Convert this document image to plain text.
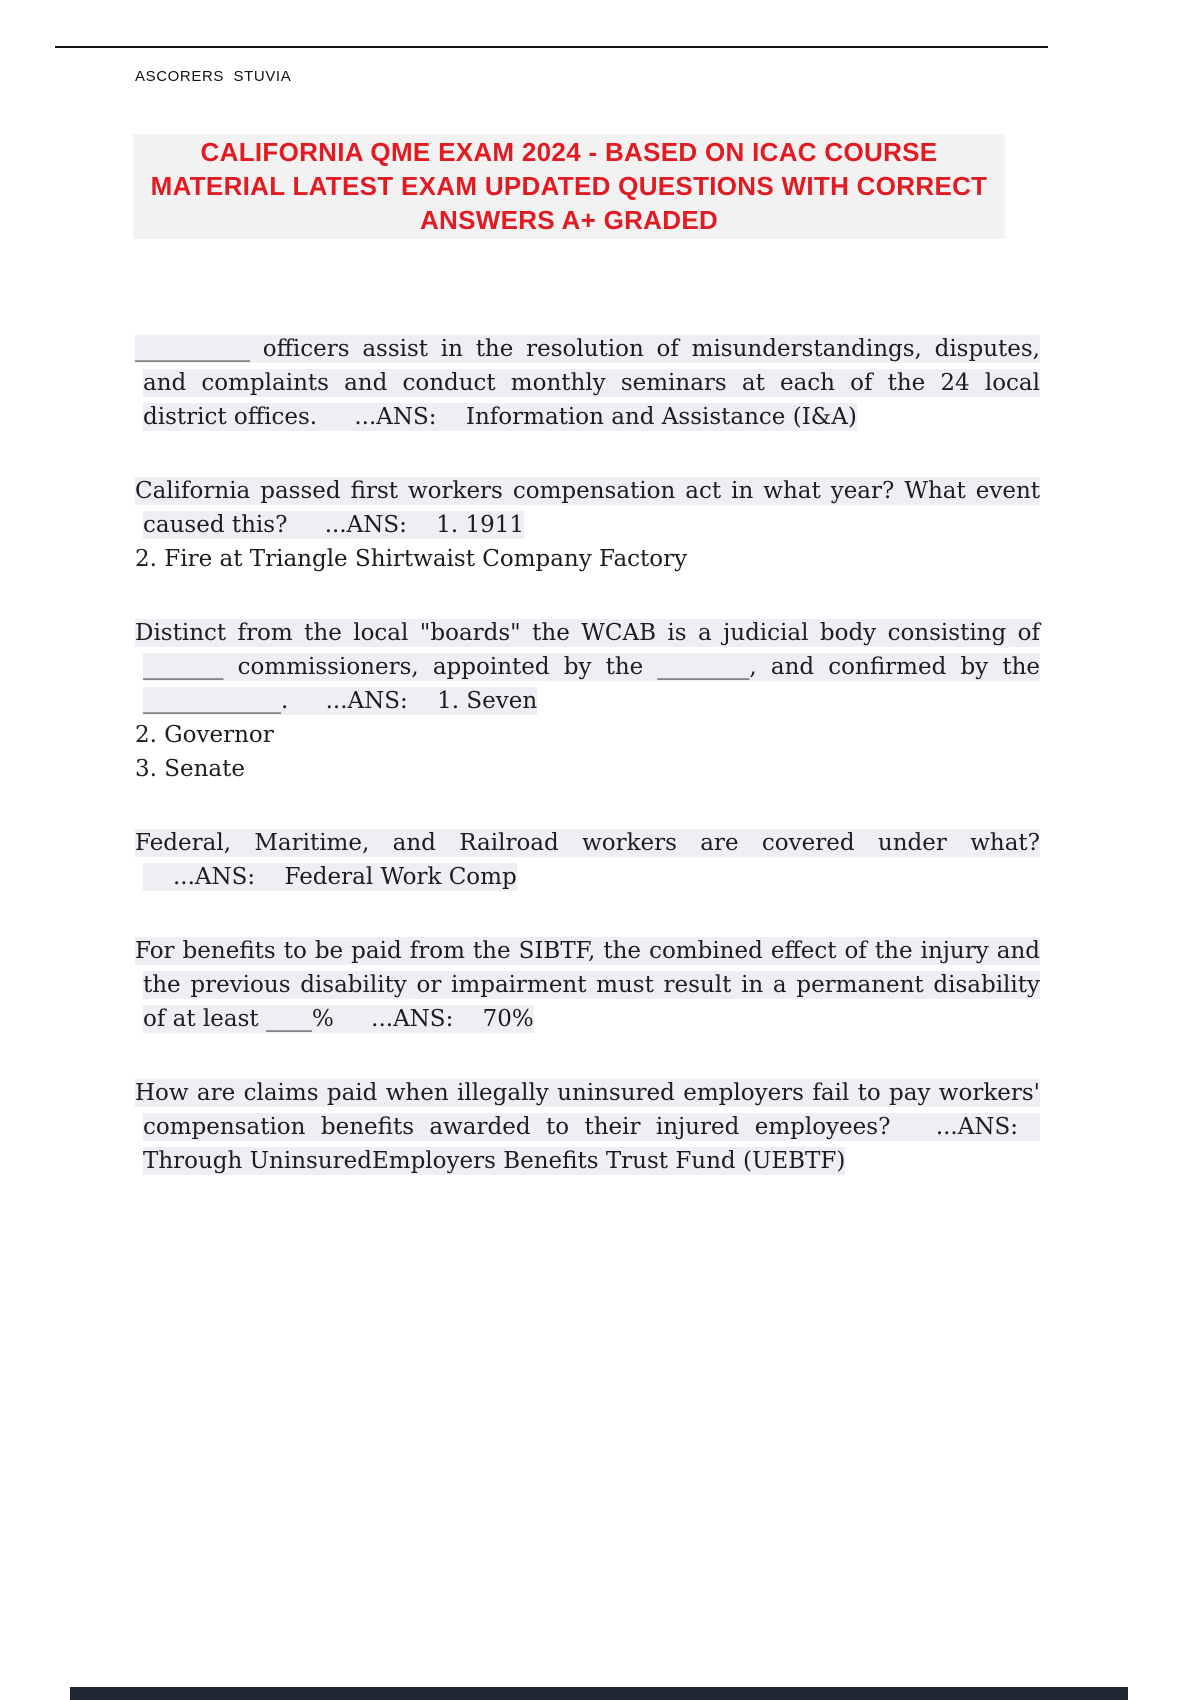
ASCORERS  STUVIA
CALIFORNIA QME EXAM 2024 - BASED ON ICAC COURSE MATERIAL LATEST EXAM UPDATED QUESTIONS WITH CORRECT ANSWERS A+ GRADED

__________ officers assist in the resolution of misunderstandings, disputes, and complaints and conduct monthly seminars at each of the 24 local district offices. ...ANS: Information and Assistance (I&A)

California passed first workers compensation act in what year? What event caused this? ...ANS: 1. 1911

2. Fire at Triangle Shirtwaist Company Factory

Distinct from the local "boards" the WCAB is a judicial body consisting of _______ commissioners, appointed by the ________, and confirmed by the ____________. ...ANS: 1. Seven

2. Governor

3. Senate

Federal, Maritime, and Railroad workers are covered under what? ...ANS: Federal Work Comp

For benefits to be paid from the SIBTF, the combined effect of the injury and the previous disability or impairment must result in a permanent disability of at least ____% ...ANS: 70%

How are claims paid when illegally uninsured employers fail to pay workers' compensation benefits awarded to their injured employees? ...ANS: Through UninsuredEmployers Benefits Trust Fund (UEBTF)
